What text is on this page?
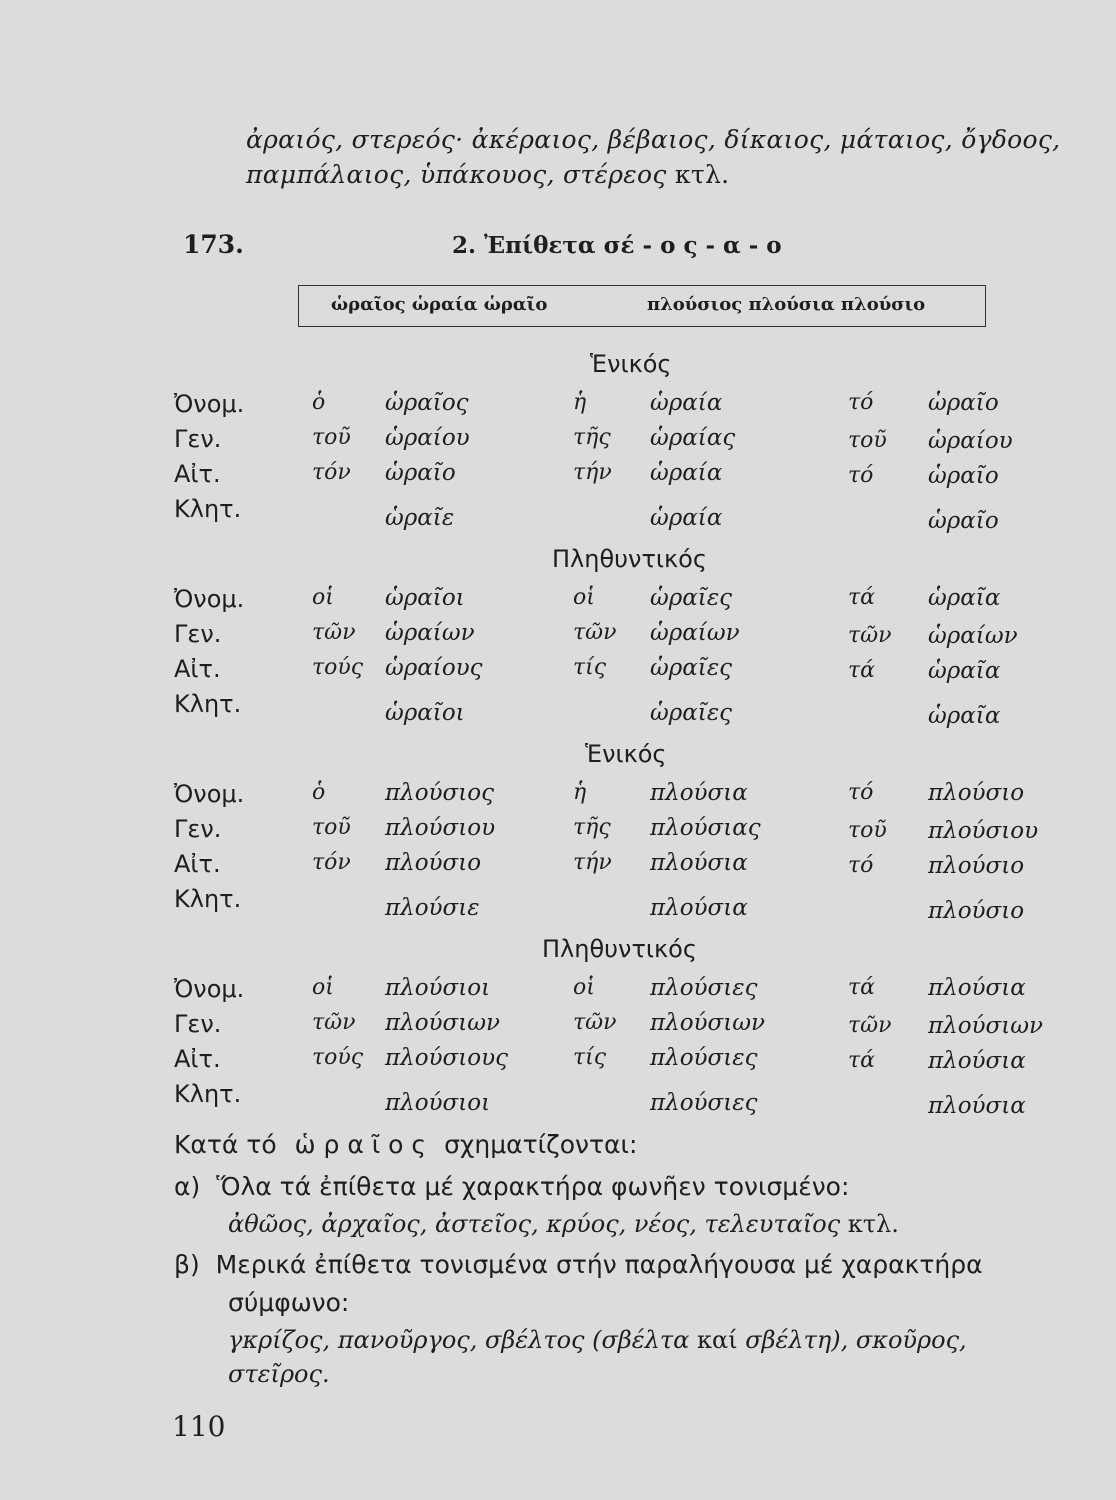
ἀραιός, στερεός· ἀκέραιος, βέβαιος, δίκαιος, μάταιος, ὄγδοος,
παμπάλαιος, ὑπάκουος, στέρεος κτλ.
173.	2. Ἐπίθετα σέ - ο ς - α - ο
ὡραῖος ὡραία ὡραῖο	πλούσιος πλούσια πλούσιο
Ἑνικός
Ὀνομ.	ὁ	ὡραῖος	ἡ	ὡραία	τό ὡραῖο
Γεν.	τοῦ ὡραίου	τῆς ὡραίας	τοῦ ὡραίου
Αἰτ.	τόν ὡραῖο	τήν ὡραία	τό ὡραῖο
Κλητ.	ὡραῖε	ὡραία	ὡραῖο
Πληθυντικός
Ὀνομ.	οἱ ὡραῖοι	οἱ ὡραῖες	τά ὡραῖα
Γεν.	τῶν ὡραίων	τῶν ὡραίων	τῶν ὡραίων
Αἰτ.	τούς ὡραίους	τίς ὡραῖες	τά ὡραῖα
Κλητ.	ὡραῖοι	ὡραῖες	ὡραῖα
Ἑνικός
Ὀνομ.	ὁ	πλούσιος	ἡ	πλούσια	τό πλούσιο
Γεν.	τοῦ πλούσιου	τῆς πλούσιας	τοῦ πλούσιου
Αἰτ.	τόν πλούσιο	τήν πλούσια	τό πλούσιο
Κλητ.	πλούσιε	πλούσια	πλούσιο
Πληθυντικός
Ὀνομ.	οἱ πλούσιοι	οἱ πλούσιες	τά πλούσια
Γεν.	τῶν πλούσιων	τῶν πλούσιων	τῶν πλούσιων
Αἰτ.	τούς πλούσιους	τίς πλούσιες	τά πλούσια
Κλητ.	πλούσιοι	πλούσιες	πλούσια
Κατά τό ὡ ρ α ῖ ο ς σχηματίζονται:
α) Ὅλα τά ἐπίθετα μέ χαρακτήρα φωνῆεν τονισμένο:
ἀθῶος, ἀρχαῖος, ἀστεῖος, κρύος, νέος, τελευταῖος κτλ.
β) Μερικά ἐπίθετα τονισμένα στήν παραλήγουσα μέ χαρακτήρα
σύμφωνο:
γκρίζος, πανοῦργος, σβέλτος (σβέλτα καί σβέλτη), σκοῦρος,
στεῖρος.
110
